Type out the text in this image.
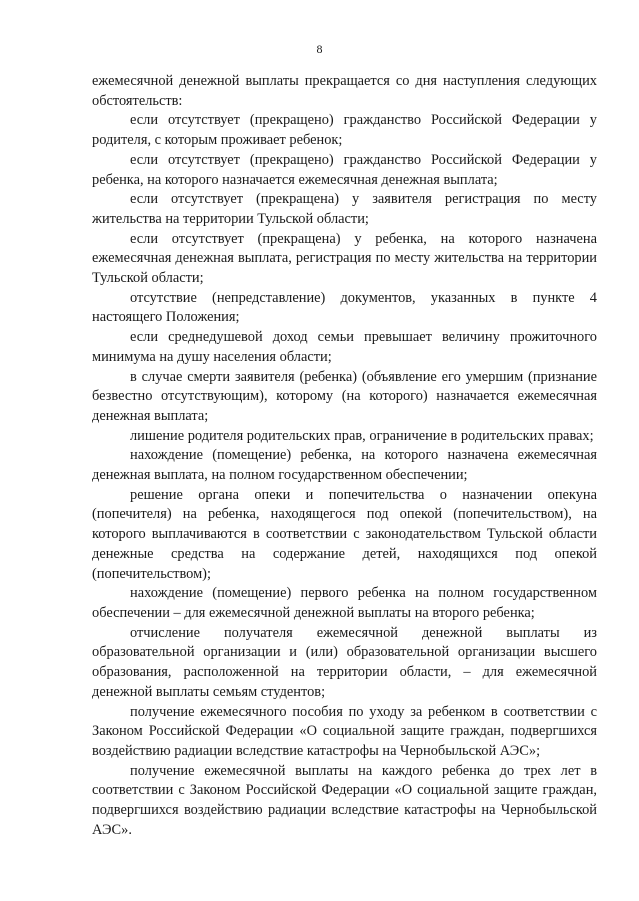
8

ежемесячной денежной выплаты прекращается со дня наступления следующих обстоятельств:

если отсутствует (прекращено) гражданство Российской Федерации у родителя, с которым проживает ребенок;

если отсутствует (прекращено) гражданство Российской Федерации у ребенка, на которого назначается ежемесячная денежная выплата;

если отсутствует (прекращена) у заявителя регистрация по месту жительства на территории Тульской области;

если отсутствует (прекращена) у ребенка, на которого назначена ежемесячная денежная выплата, регистрация по месту жительства на территории Тульской области;

отсутствие (непредставление) документов, указанных в пункте 4 настоящего Положения;

если среднедушевой доход семьи превышает величину прожиточного минимума на душу населения области;

в случае смерти заявителя (ребенка) (объявление его умершим (признание безвестно отсутствующим), которому (на которого) назначается ежемесячная денежная выплата;

лишение родителя родительских прав, ограничение в родительских правах;

нахождение (помещение) ребенка, на которого назначена ежемесячная денежная выплата, на полном государственном обеспечении;

решение органа опеки и попечительства о назначении опекуна (попечителя) на ребенка, находящегося под опекой (попечительством), на которого выплачиваются в соответствии с законодательством Тульской области денежные средства на содержание детей, находящихся под опекой (попечительством);

нахождение (помещение) первого ребенка на полном государственном обеспечении – для ежемесячной денежной выплаты на второго ребенка;

отчисление получателя ежемесячной денежной выплаты из образовательной организации и (или) образовательной организации высшего образования, расположенной на территории области, – для ежемесячной денежной выплаты семьям студентов;

получение ежемесячного пособия по уходу за ребенком в соответствии с Законом Российской Федерации «О социальной защите граждан, подвергшихся воздействию радиации вследствие катастрофы на Чернобыльской АЭС»;

получение ежемесячной выплаты на каждого ребенка до трех лет в соответствии с Законом Российской Федерации «О социальной защите граждан, подвергшихся воздействию радиации вследствие катастрофы на Чернобыльской АЭС».
